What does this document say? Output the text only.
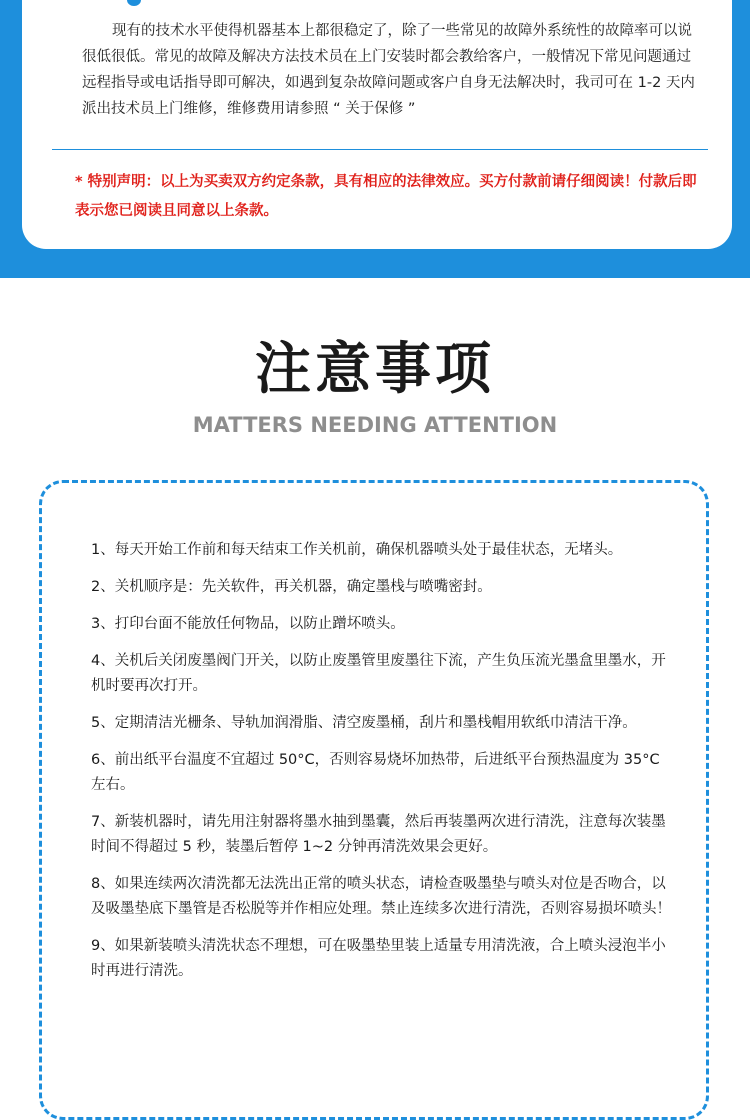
现有的技术水平使得机器基本上都很稳定了，除了一些常见的故障外系统性的故障率可以说很低很低。常见的故障及解决方法技术员在上门安装时都会教给客户，一般情况下常见问题通过远程指导或电话指导即可解决，如遇到复杂故障问题或客户自身无法解决时，我司可在 1-2 天内派出技术员上门维修，维修费用请参照 “ 关于保修 ”

* 特别声明：以上为买卖双方约定条款，具有相应的法律效应。买方付款前请仔细阅读！付款后即表示您已阅读且同意以上条款。

注意事项
MATTERS NEEDING ATTENTION
1、每天开始工作前和每天结束工作关机前，确保机器喷头处于最佳状态，无堵头。
2、关机顺序是：先关软件，再关机器，确定墨栈与喷嘴密封。
3、打印台面不能放任何物品，以防止蹭坏喷头。
4、关机后关闭废墨阀门开关，以防止废墨管里废墨往下流，产生负压流光墨盒里墨水，开机时要再次打开。
5、定期清洁光栅条、导轨加润滑脂、清空废墨桶，刮片和墨栈帽用软纸巾清洁干净。
6、前出纸平台温度不宜超过 50°C，否则容易烧坏加热带，后进纸平台预热温度为 35°C左右。
7、新装机器时，请先用注射器将墨水抽到墨囊，然后再装墨两次进行清洗，注意每次装墨时间不得超过 5 秒，装墨后暂停 1~2 分钟再清洗效果会更好。
8、如果连续两次清洗都无法洗出正常的喷头状态，请检查吸墨垫与喷头对位是否吻合，以及吸墨垫底下墨管是否松脱等并作相应处理。禁止连续多次进行清洗，否则容易损坏喷头！
9、如果新装喷头清洗状态不理想，可在吸墨垫里装上适量专用清洗液，合上喷头浸泡半小时再进行清洗。
